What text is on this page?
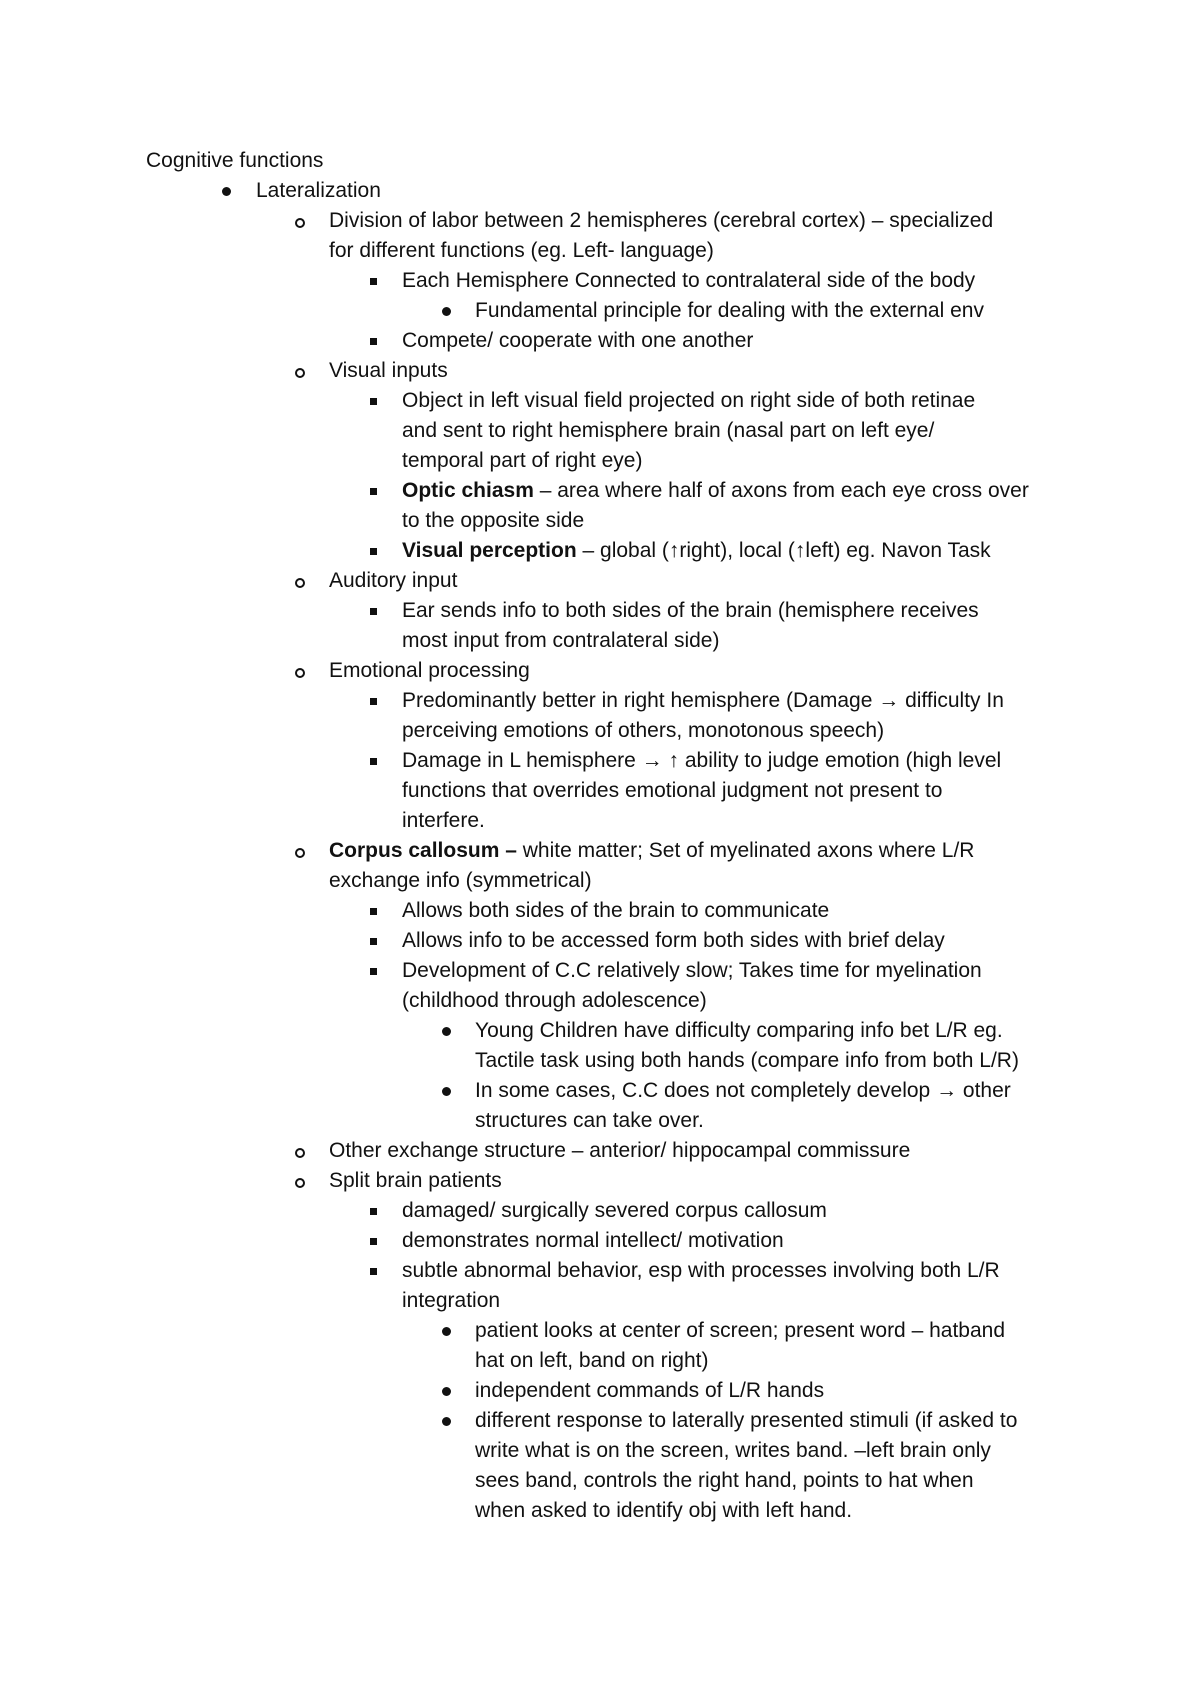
Cognitive functions
Lateralization
Division of labor between 2 hemispheres (cerebral cortex) – specialized
for different functions (eg. Left- language)
Each Hemisphere Connected to contralateral side of the body
Fundamental principle for dealing with the external env
Compete/ cooperate with one another
Visual inputs
Object in left visual field projected on right side of both retinae
and sent to right hemisphere brain (nasal part on left eye/
temporal part of right eye)
Optic chiasm – area where half of axons from each eye cross over
to the opposite side
Visual perception – global (↑right), local (↑left) eg. Navon Task
Auditory input
Ear sends info to both sides of the brain (hemisphere receives
most input from contralateral side)
Emotional processing
Predominantly better in right hemisphere (Damage → difficulty In
perceiving emotions of others, monotonous speech)
Damage in L hemisphere → ↑ ability to judge emotion (high level
functions that overrides emotional judgment not present to
interfere.
Corpus callosum – white matter; Set of myelinated axons where L/R
exchange info (symmetrical)
Allows both sides of the brain to communicate
Allows info to be accessed form both sides with brief delay
Development of C.C relatively slow; Takes time for myelination
(childhood through adolescence)
Young Children have difficulty comparing info bet L/R eg.
Tactile task using both hands (compare info from both L/R)
In some cases, C.C does not completely develop → other
structures can take over.
Other exchange structure – anterior/ hippocampal commissure
Split brain patients
damaged/ surgically severed corpus callosum
demonstrates normal intellect/ motivation
subtle abnormal behavior, esp with processes involving both L/R
integration
patient looks at center of screen; present word – hatband
hat on left, band on right)
independent commands of L/R hands
different response to laterally presented stimuli (if asked to
write what is on the screen, writes band. –left brain only
sees band, controls the right hand, points to hat when
when asked to identify obj with left hand.
